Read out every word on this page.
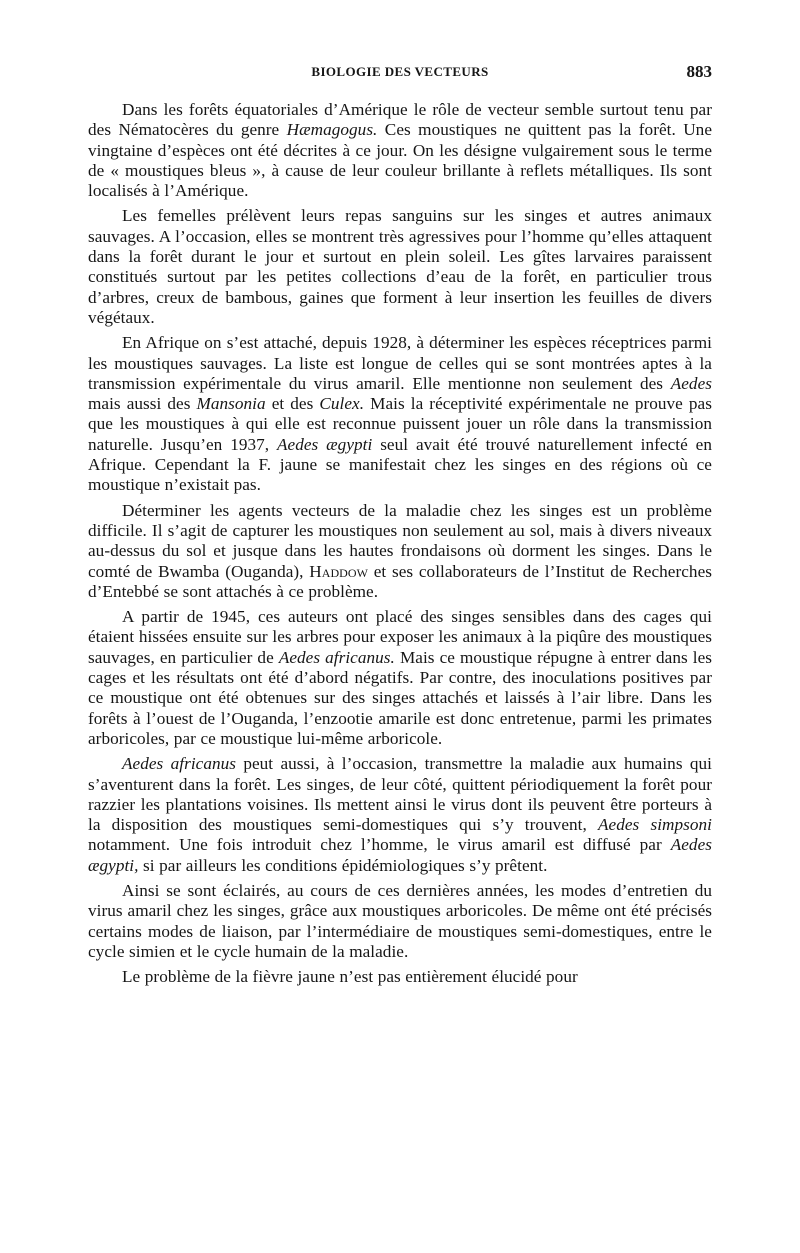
BIOLOGIE DES VECTEURS	883

Dans les forêts équatoriales d’Amérique le rôle de vecteur semble surtout tenu par des Nématocères du genre Hæmagogus. Ces moustiques ne quittent pas la forêt. Une vingtaine d’espèces ont été décrites à ce jour. On les désigne vulgairement sous le terme de « moustiques bleus », à cause de leur couleur brillante à reflets métalliques. Ils sont localisés à l’Amérique.

Les femelles prélèvent leurs repas sanguins sur les singes et autres animaux sauvages. A l’occasion, elles se montrent très agressives pour l’homme qu’elles attaquent dans la forêt durant le jour et surtout en plein soleil. Les gîtes larvaires paraissent constitués surtout par les petites collections d’eau de la forêt, en particulier trous d’arbres, creux de bambous, gaines que forment à leur insertion les feuilles de divers végétaux.

En Afrique on s’est attaché, depuis 1928, à déterminer les espèces réceptrices parmi les moustiques sauvages. La liste est longue de celles qui se sont montrées aptes à la transmission expérimentale du virus amaril. Elle mentionne non seulement des Aedes mais aussi des Mansonia et des Culex. Mais la réceptivité expérimentale ne prouve pas que les moustiques à qui elle est reconnue puissent jouer un rôle dans la transmission naturelle. Jusqu’en 1937, Aedes ægypti seul avait été trouvé naturellement infecté en Afrique. Cependant la F. jaune se manifestait chez les singes en des régions où ce moustique n’existait pas.

Déterminer les agents vecteurs de la maladie chez les singes est un problème difficile. Il s’agit de capturer les moustiques non seulement au sol, mais à divers niveaux au-dessus du sol et jusque dans les hautes frondaisons où dorment les singes. Dans le comté de Bwamba (Ouganda), Haddow et ses collaborateurs de l’Institut de Recherches d’Entebbé se sont attachés à ce problème.

A partir de 1945, ces auteurs ont placé des singes sensibles dans des cages qui étaient hissées ensuite sur les arbres pour exposer les animaux à la piqûre des moustiques sauvages, en particulier de Aedes africanus. Mais ce moustique répugne à entrer dans les cages et les résultats ont été d’abord négatifs. Par contre, des inoculations positives par ce moustique ont été obtenues sur des singes attachés et laissés à l’air libre. Dans les forêts à l’ouest de l’Ouganda, l’enzootie amarile est donc entretenue, parmi les primates arboricoles, par ce moustique lui-même arboricole.

Aedes africanus peut aussi, à l’occasion, transmettre la maladie aux humains qui s’aventurent dans la forêt. Les singes, de leur côté, quittent périodiquement la forêt pour razzier les plantations voisines. Ils mettent ainsi le virus dont ils peuvent être porteurs à la disposition des moustiques semi-domestiques qui s’y trouvent, Aedes simpsoni notamment. Une fois introduit chez l’homme, le virus amaril est diffusé par Aedes ægypti, si par ailleurs les conditions épidémiologiques s’y prêtent.

Ainsi se sont éclairés, au cours de ces dernières années, les modes d’entretien du virus amaril chez les singes, grâce aux moustiques arboricoles. De même ont été précisés certains modes de liaison, par l’intermédiaire de moustiques semi-domestiques, entre le cycle simien et le cycle humain de la maladie.

Le problème de la fièvre jaune n’est pas entièrement élucidé pour
